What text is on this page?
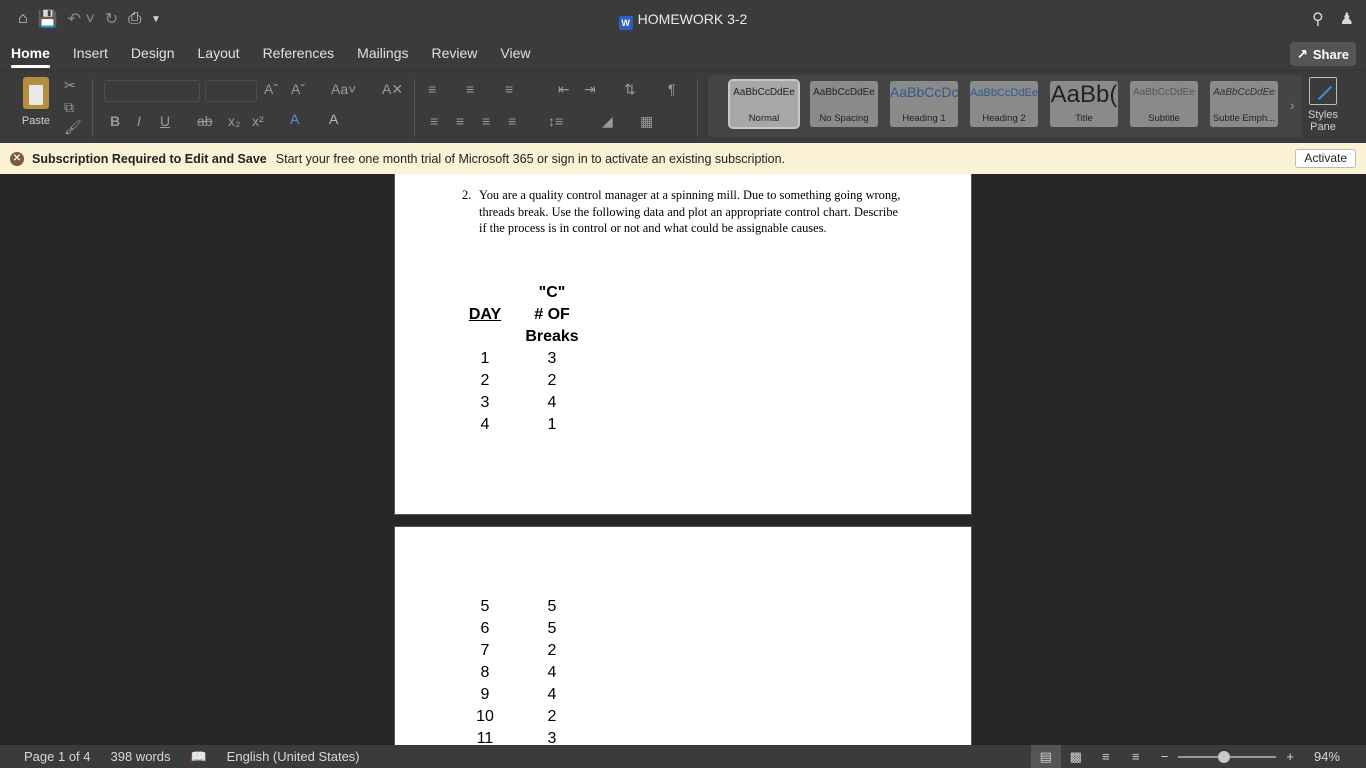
⌂ 💾 ↶ ˅ ↻ ⎙ ▼	W HOMEWORK 3-2	⚲ ♟
Home Insert Design Layout References Mailings Review View	↗ Share
Paste
✂
⧉
🖌
Aˆ Aˇ Aa˅ A✕
B I U ab x₂ x² A A
≡ ≡ ≡	⇤ ⇥ ⇅ ¶
≡ ≡ ≡ ≡ ↕≡	◢ ▦
AaBbCcDdEe
Normal
AaBbCcDdEe
No Spacing
AaBbCcDc
Heading 1
AaBbCcDdEe
Heading 2
AaBb(
Title
AaBbCcDdEe
Subtitle
AaBbCcDdEe
Subtle Emph...
›
Styles Pane
✕ Subscription Required to Edit and Save Start your free one month trial of Microsoft 365 or sign in to activate an existing subscription.	Activate
2. You are a quality control manager at a spinning mill. Due to something going wrong, threads break. Use the following data and plot an appropriate control chart. Describe if the process is in control or not and what could be assignable causes.
"C"
DAY	# OF
Breaks
1	3
2	2
3	4
4	1
5	5
6	5
7	2
8	4
9	4
10	2
11	3
Page 1 of 4 398 words 📖 English (United States)	▤	▩	≡	≡	−	+ 94%
